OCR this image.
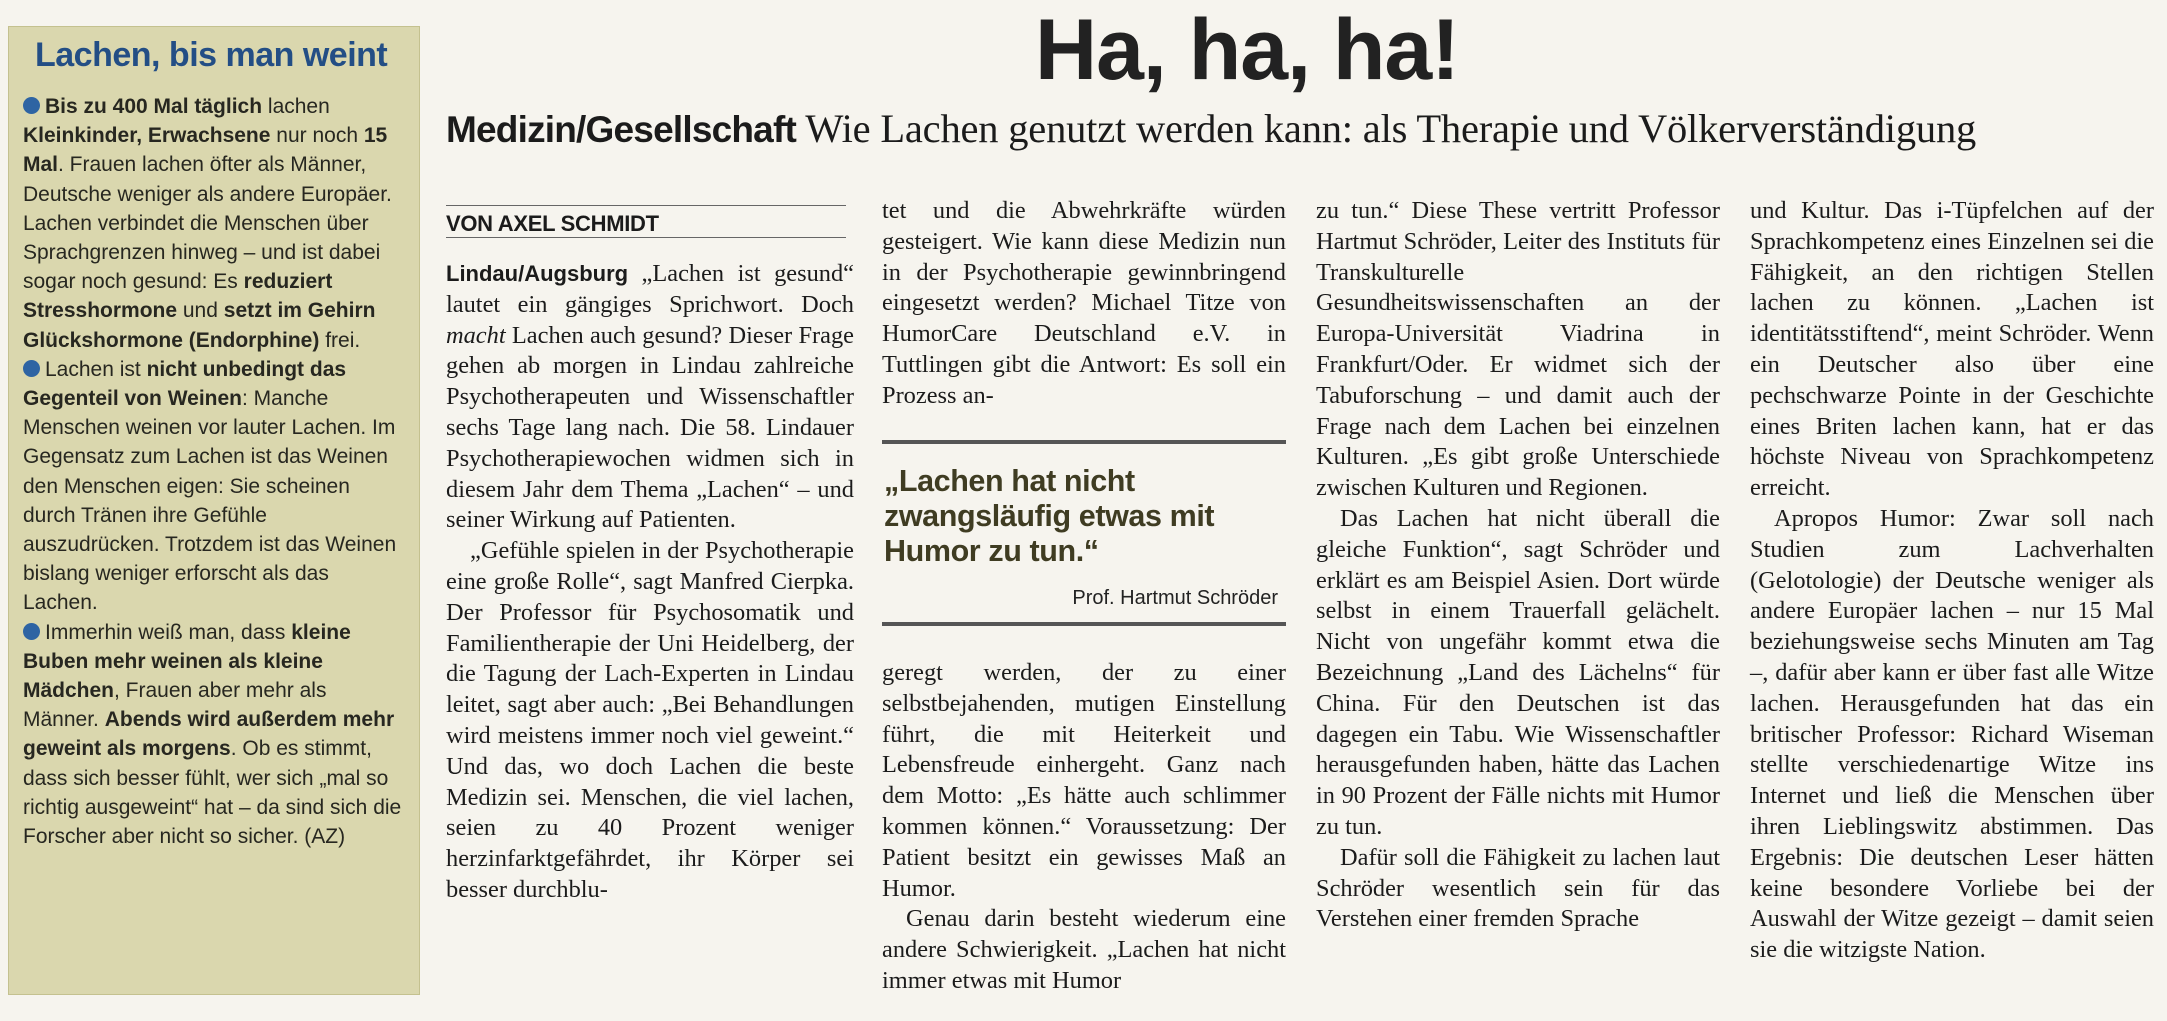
Lachen, bis man weint

Bis zu 400 Mal täglich lachen Kleinkinder, Erwachsene nur noch 15 Mal. Frauen lachen öfter als Männer, Deutsche weniger als andere Europäer. Lachen verbindet die Menschen über Sprachgrenzen hinweg – und ist dabei sogar noch gesund: Es reduziert Stresshormone und setzt im Gehirn Glückshormone (Endorphine) frei.

Lachen ist nicht unbedingt das Gegenteil von Weinen: Manche Menschen weinen vor lauter Lachen. Im Gegensatz zum Lachen ist das Weinen den Menschen eigen: Sie scheinen durch Tränen ihre Gefühle auszudrücken. Trotzdem ist das Weinen bislang weniger erforscht als das Lachen.

Immerhin weiß man, dass kleine Buben mehr weinen als kleine Mädchen, Frauen aber mehr als Männer. Abends wird außerdem mehr geweint als morgens. Ob es stimmt, dass sich besser fühlt, wer sich „mal so richtig ausgeweint“ hat – da sind sich die Forscher aber nicht so sicher. (AZ)

Ha, ha, ha!
Medizin/Gesellschaft Wie Lachen genutzt werden kann: als Therapie und Völkerverständigung
VON AXEL SCHMIDT

Lindau/Augsburg „Lachen ist gesund“ lautet ein gängiges Sprichwort. Doch macht Lachen auch gesund? Dieser Frage gehen ab morgen in Lindau zahlreiche Psychotherapeuten und Wissenschaftler sechs Tage lang nach. Die 58. Lindauer Psychotherapiewochen widmen sich in diesem Jahr dem Thema „Lachen“ – und seiner Wirkung auf Patienten.

„Gefühle spielen in der Psychotherapie eine große Rolle“, sagt Manfred Cierpka. Der Professor für Psychosomatik und Familientherapie der Uni Heidelberg, der die Tagung der Lach-Experten in Lindau leitet, sagt aber auch: „Bei Behandlungen wird meistens immer noch viel geweint.“ Und das, wo doch Lachen die beste Medizin sei. Menschen, die viel lachen, seien zu 40 Prozent weniger herzinfarktgefährdet, ihr Körper sei besser durchblu-

tet und die Abwehrkräfte würden gesteigert. Wie kann diese Medizin nun in der Psychotherapie gewinnbringend eingesetzt werden? Michael Titze von HumorCare Deutschland e.V. in Tuttlingen gibt die Antwort: Es soll ein Prozess an-

„Lachen hat nicht zwangsläufig etwas mit Humor zu tun.“
Prof. Hartmut Schröder

geregt werden, der zu einer selbstbejahenden, mutigen Einstellung führt, die mit Heiterkeit und Lebensfreude einhergeht. Ganz nach dem Motto: „Es hätte auch schlimmer kommen können.“ Voraussetzung: Der Patient besitzt ein gewisses Maß an Humor.

Genau darin besteht wiederum eine andere Schwierigkeit. „Lachen hat nicht immer etwas mit Humor

zu tun.“ Diese These vertritt Professor Hartmut Schröder, Leiter des Instituts für Transkulturelle Gesundheitswissenschaften an der Europa-Universität Viadrina in Frankfurt/Oder. Er widmet sich der Tabuforschung – und damit auch der Frage nach dem Lachen bei einzelnen Kulturen. „Es gibt große Unterschiede zwischen Kulturen und Regionen.

Das Lachen hat nicht überall die gleiche Funktion“, sagt Schröder und erklärt es am Beispiel Asien. Dort würde selbst in einem Trauerfall gelächelt. Nicht von ungefähr kommt etwa die Bezeichnung „Land des Lächelns“ für China. Für den Deutschen ist das dagegen ein Tabu. Wie Wissenschaftler herausgefunden haben, hätte das Lachen in 90 Prozent der Fälle nichts mit Humor zu tun.

Dafür soll die Fähigkeit zu lachen laut Schröder wesentlich sein für das Verstehen einer fremden Sprache

und Kultur. Das i-Tüpfelchen auf der Sprachkompetenz eines Einzelnen sei die Fähigkeit, an den richtigen Stellen lachen zu können. „Lachen ist identitätsstiftend“, meint Schröder. Wenn ein Deutscher also über eine pechschwarze Pointe in der Geschichte eines Briten lachen kann, hat er das höchste Niveau von Sprachkompetenz erreicht.

Apropos Humor: Zwar soll nach Studien zum Lachverhalten (Gelotologie) der Deutsche weniger als andere Europäer lachen – nur 15 Mal beziehungsweise sechs Minuten am Tag –, dafür aber kann er über fast alle Witze lachen. Herausgefunden hat das ein britischer Professor: Richard Wiseman stellte verschiedenartige Witze ins Internet und ließ die Menschen über ihren Lieblingswitz abstimmen. Das Ergebnis: Die deutschen Leser hätten keine besondere Vorliebe bei der Auswahl der Witze gezeigt – damit seien sie die witzigste Nation.
